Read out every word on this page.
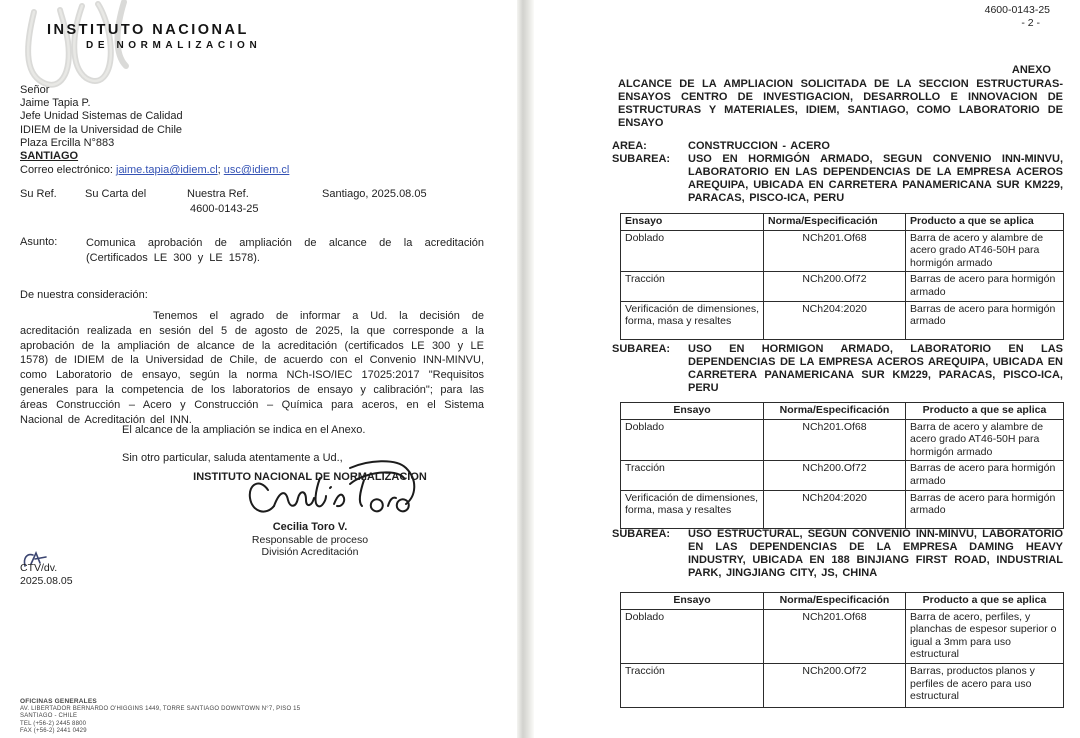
INSTITUTO NACIONAL
DE NORMALIZACION
Señor
Jaime Tapia P.
Jefe Unidad Sistemas de Calidad
IDIEM de la Universidad de Chile
Plaza Ercilla N°883
SANTIAGO
Correo electrónico: jaime.tapia@idiem.cl; usc@idiem.cl
Su Ref.	Su Carta del	Nuestra Ref.
4600-0143-25
Santiago, 2025.08.05
Asunto:	Comunica aprobación de ampliación de alcance de la acreditación (Certificados LE 300 y LE 1578).
De nuestra consideración:
Tenemos el agrado de informar a Ud. la decisión de acreditación realizada en sesión del 5 de agosto de 2025, la que corresponde a la aprobación de la ampliación de alcance de la acreditación (certificados LE 300 y LE 1578) de IDIEM de la Universidad de Chile, de acuerdo con el Convenio INN-MINVU, como Laboratorio de ensayo, según la norma NCh-ISO/IEC 17025:2017 "Requisitos generales para la competencia de los laboratorios de ensayo y calibración"; para las áreas Construcción – Acero y Construcción – Química para aceros, en el Sistema Nacional de Acreditación del INN.
El alcance de la ampliación se indica en el Anexo.
Sin otro particular, saluda atentamente a Ud.,
INSTITUTO NACIONAL DE NORMALIZACION
Cecilia Toro V.
Responsable de proceso
División Acreditación
CTV/dv.
2025.08.05
OFICINAS GENERALES
AV. LIBERTADOR BERNARDO O'HIGGINS 1449, TORRE SANTIAGO DOWNTOWN N°7, PISO 15
SANTIAGO - CHILE
TEL (+56-2) 2445 8800
FAX (+56-2) 2441 0429
4600-0143-25
- 2 -
ANEXO
ALCANCE DE LA AMPLIACION SOLICITADA DE LA SECCION ESTRUCTURAS-ENSAYOS CENTRO DE INVESTIGACION, DESARROLLO E INNOVACION DE ESTRUCTURAS Y MATERIALES, IDIEM, SANTIAGO, COMO LABORATORIO DE ENSAYO
AREA:	CONSTRUCCION - ACERO
SUBAREA: USO EN HORMIGÓN ARMADO, SEGUN CONVENIO INN-MINVU, LABORATORIO EN LAS DEPENDENCIAS DE LA EMPRESA ACEROS AREQUIPA, UBICADA EN CARRETERA PANAMERICANA SUR KM229, PARACAS, PISCO-ICA, PERU
Ensayo	Norma/Especificación	Producto a que se aplica
Doblado	NCh201.Of68	Barra de acero y alambre de acero grado AT46-50H para hormigón armado
Tracción	NCh200.Of72	Barras de acero para hormigón armado
Verificación de dimensiones, forma, masa y resaltes	NCh204:2020	Barras de acero para hormigón armado
SUBAREA: USO EN HORMIGON ARMADO, LABORATORIO EN LAS DEPENDENCIAS DE LA EMPRESA ACEROS AREQUIPA, UBICADA EN CARRETERA PANAMERICANA SUR KM229, PARACAS, PISCO-ICA, PERU
Ensayo	Norma/Especificación	Producto a que se aplica
Doblado	NCh201.Of68	Barra de acero y alambre de acero grado AT46-50H para hormigón armado
Tracción	NCh200.Of72	Barras de acero para hormigón armado
Verificación de dimensiones, forma, masa y resaltes	NCh204:2020	Barras de acero para hormigón armado
SUBAREA: USO ESTRUCTURAL, SEGUN CONVENIO INN-MINVU, LABORATORIO EN LAS DEPENDENCIAS DE LA EMPRESA DAMING HEAVY INDUSTRY, UBICADA EN 188 BINJIANG FIRST ROAD, INDUSTRIAL PARK, JINGJIANG CITY, JS, CHINA
Ensayo	Norma/Especificación	Producto a que se aplica
Doblado	NCh201.Of68	Barra de acero, perfiles, y planchas de espesor superior o igual a 3mm para uso estructural
Tracción	NCh200.Of72	Barras, productos planos y perfiles de acero para uso estructural
